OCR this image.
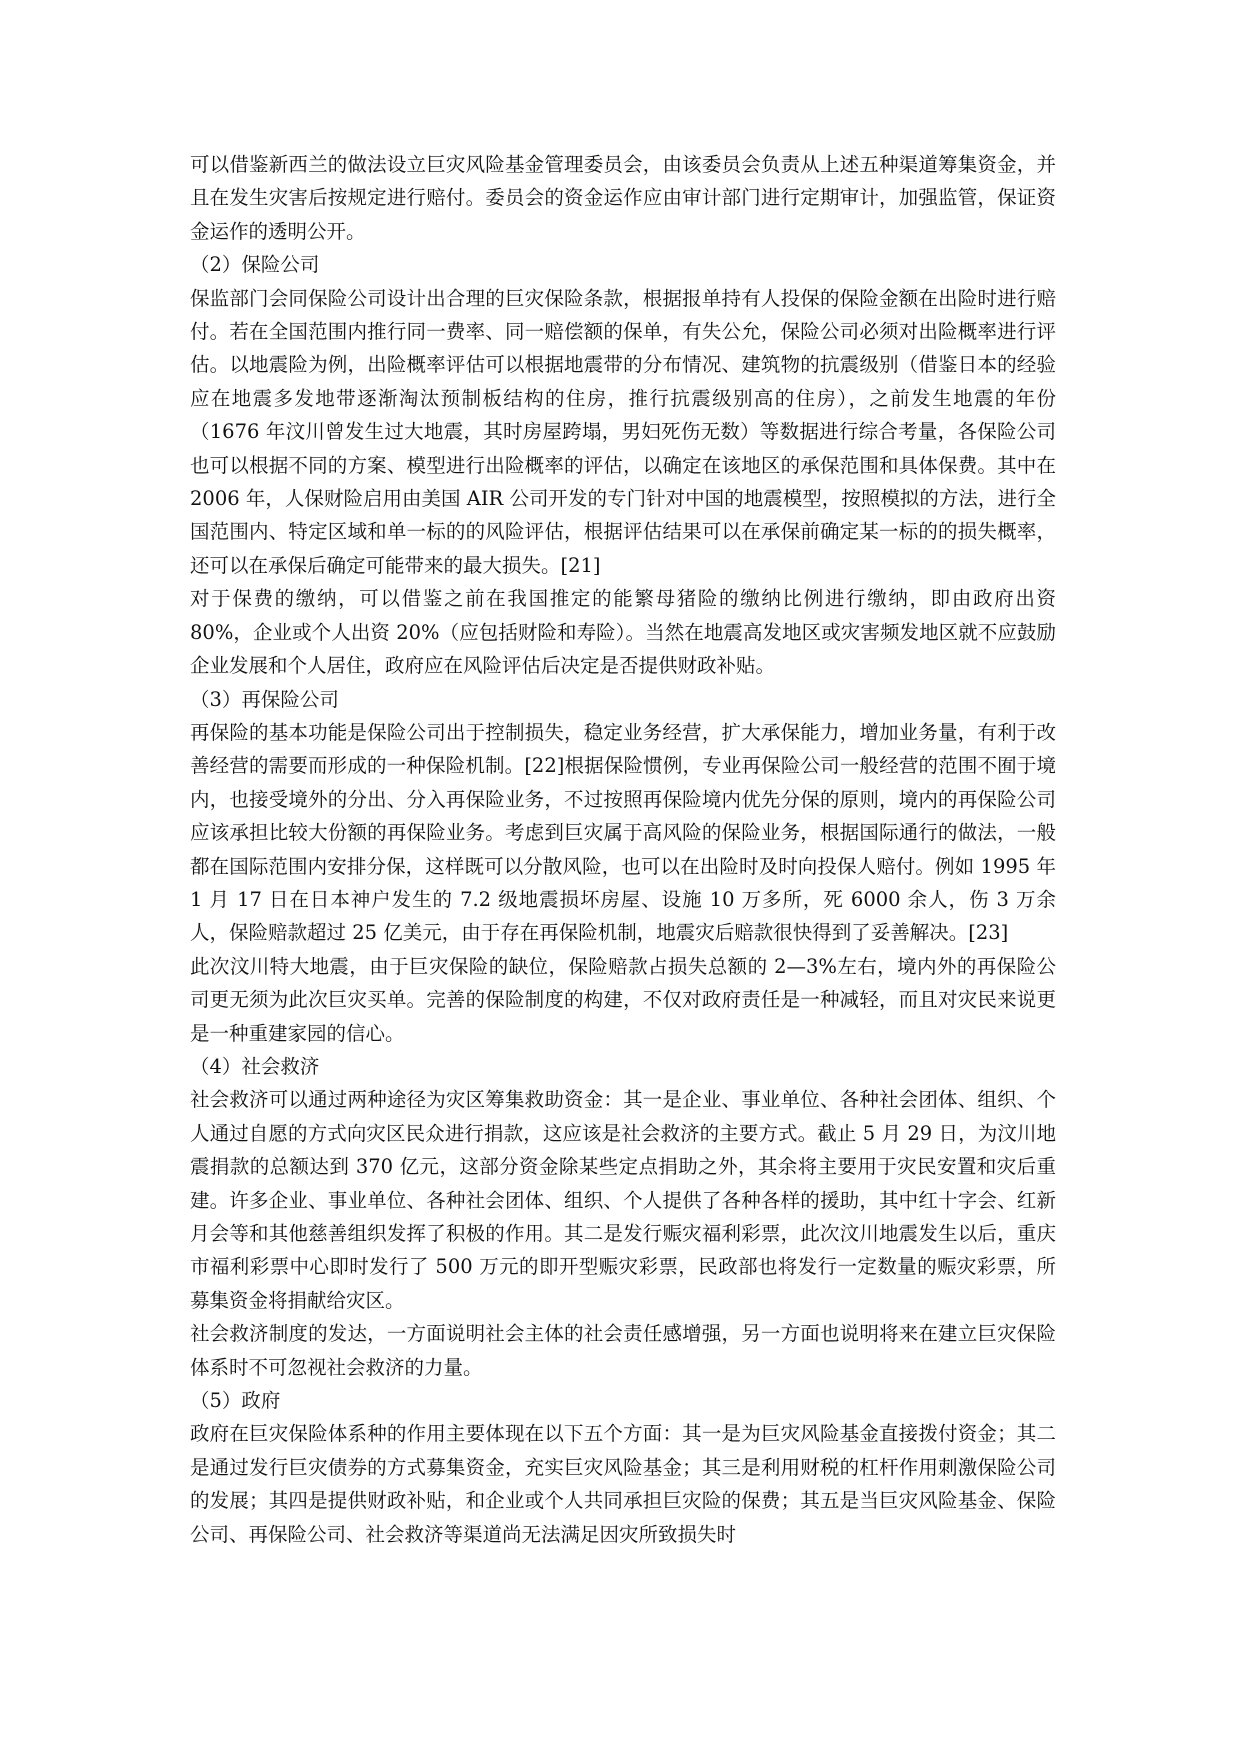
可以借鉴新西兰的做法设立巨灾风险基金管理委员会，由该委员会负责从上述五种渠道筹集资金，并且在发生灾害后按规定进行赔付。委员会的资金运作应由审计部门进行定期审计，加强监管，保证资金运作的透明公开。

（2）保险公司

保监部门会同保险公司设计出合理的巨灾保险条款，根据报单持有人投保的保险金额在出险时进行赔付。若在全国范围内推行同一费率、同一赔偿额的保单，有失公允，保险公司必须对出险概率进行评估。以地震险为例，出险概率评估可以根据地震带的分布情况、建筑物的抗震级别（借鉴日本的经验应在地震多发地带逐渐淘汰预制板结构的住房，推行抗震级别高的住房），之前发生地震的年份（1676 年汶川曾发生过大地震，其时房屋跨塌，男妇死伤无数）等数据进行综合考量，各保险公司也可以根据不同的方案、模型进行出险概率的评估，以确定在该地区的承保范围和具体保费。其中在 2006 年，人保财险启用由美国 AIR 公司开发的专门针对中国的地震模型，按照模拟的方法，进行全国范围内、特定区域和单一标的的风险评估，根据评估结果可以在承保前确定某一标的的损失概率，还可以在承保后确定可能带来的最大损失。[21]

对于保费的缴纳，可以借鉴之前在我国推定的能繁母猪险的缴纳比例进行缴纳，即由政府出资 80%，企业或个人出资 20%（应包括财险和寿险）。当然在地震高发地区或灾害频发地区就不应鼓励企业发展和个人居住，政府应在风险评估后决定是否提供财政补贴。

（3）再保险公司

再保险的基本功能是保险公司出于控制损失，稳定业务经营，扩大承保能力，增加业务量，有利于改善经营的需要而形成的一种保险机制。[22]根据保险惯例，专业再保险公司一般经营的范围不囿于境内，也接受境外的分出、分入再保险业务，不过按照再保险境内优先分保的原则，境内的再保险公司应该承担比较大份额的再保险业务。考虑到巨灾属于高风险的保险业务，根据国际通行的做法，一般都在国际范围内安排分保，这样既可以分散风险，也可以在出险时及时向投保人赔付。例如 1995 年 1 月 17 日在日本神户发生的 7.2 级地震损坏房屋、设施 10 万多所，死 6000 余人，伤 3 万余人，保险赔款超过 25 亿美元，由于存在再保险机制，地震灾后赔款很快得到了妥善解决。[23]

此次汶川特大地震，由于巨灾保险的缺位，保险赔款占损失总额的 2—3%左右，境内外的再保险公司更无须为此次巨灾买单。完善的保险制度的构建，不仅对政府责任是一种减轻，而且对灾民来说更是一种重建家园的信心。

（4）社会救济

社会救济可以通过两种途径为灾区筹集救助资金：其一是企业、事业单位、各种社会团体、组织、个人通过自愿的方式向灾区民众进行捐款，这应该是社会救济的主要方式。截止 5 月 29 日，为汶川地震捐款的总额达到 370 亿元，这部分资金除某些定点捐助之外，其余将主要用于灾民安置和灾后重建。许多企业、事业单位、各种社会团体、组织、个人提供了各种各样的援助，其中红十字会、红新月会等和其他慈善组织发挥了积极的作用。其二是发行赈灾福利彩票，此次汶川地震发生以后，重庆市福利彩票中心即时发行了 500 万元的即开型赈灾彩票，民政部也将发行一定数量的赈灾彩票，所募集资金将捐献给灾区。

社会救济制度的发达，一方面说明社会主体的社会责任感增强，另一方面也说明将来在建立巨灾保险体系时不可忽视社会救济的力量。

（5）政府

政府在巨灾保险体系种的作用主要体现在以下五个方面：其一是为巨灾风险基金直接拨付资金；其二是通过发行巨灾债券的方式募集资金，充实巨灾风险基金；其三是利用财税的杠杆作用刺激保险公司的发展；其四是提供财政补贴，和企业或个人共同承担巨灾险的保费；其五是当巨灾风险基金、保险公司、再保险公司、社会救济等渠道尚无法满足因灾所致损失时
